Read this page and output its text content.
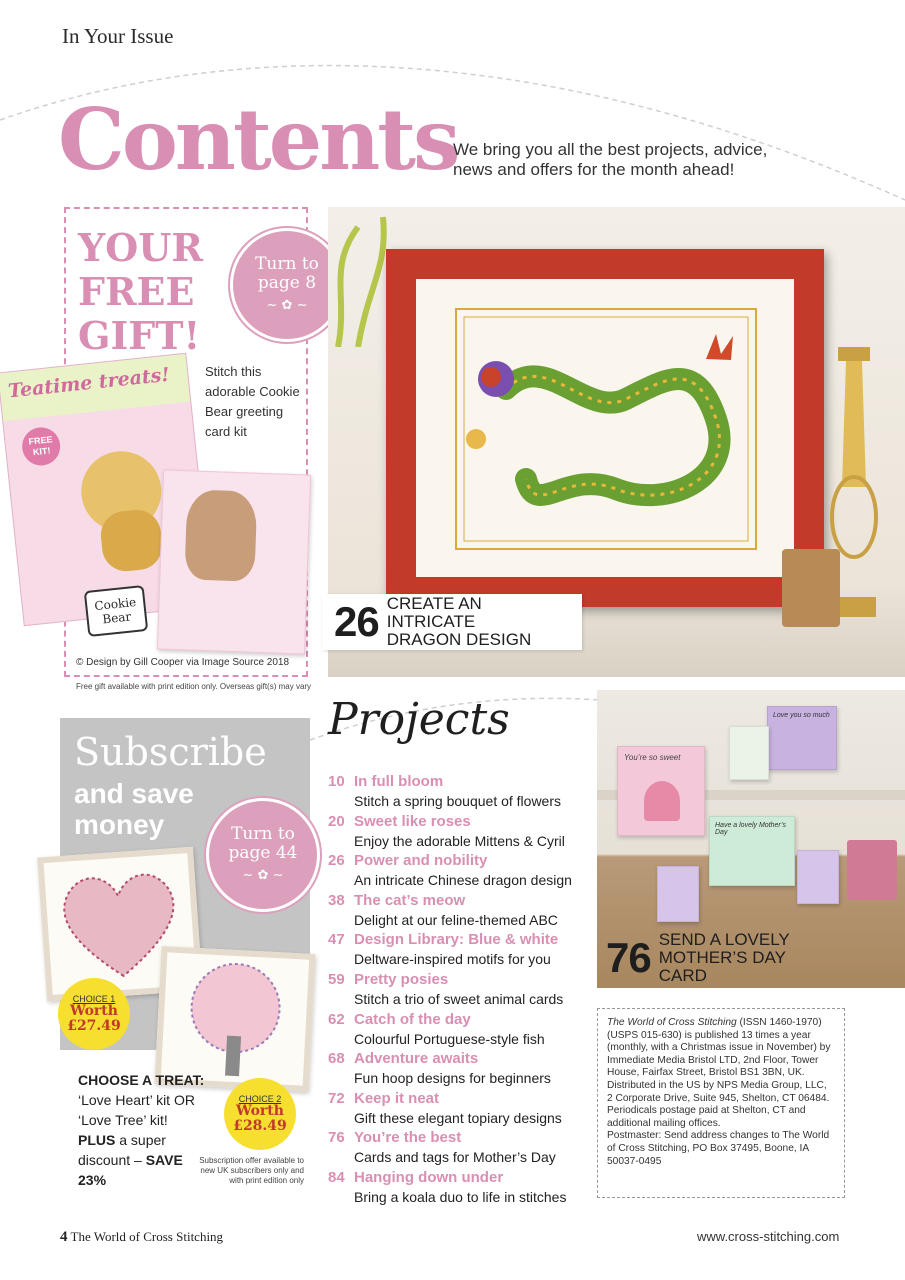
In Your Issue
Contents
We bring you all the best projects, advice, news and offers for the month ahead!
YOUR
FREE
GIFT!
Teatime treats!
FREE KIT!
Cookie
Bear
Turn to
page 8
~ ✿ ~
Stitch this adorable Cookie Bear greeting card kit
© Design by Gill Cooper via Image Source 2018
Free gift available with print edition only. Overseas gift(s) may vary
26 CREATE AN INTRICATE
DRAGON DESIGN
Subscribe
and save money
CHOICE 1
Worth
£27.49
CHOICE 2
Worth
£28.49
Turn to
page 44
~ ✿ ~
CHOOSE A TREAT: ‘Love Heart’ kit OR ‘Love Tree’ kit! PLUS a super discount – SAVE 23%
Subscription offer available to new UK subscribers only and with print edition only
Projects
10 In full bloom
Stitch a spring bouquet of flowers
20 Sweet like roses
Enjoy the adorable Mittens & Cyril
26 Power and nobility
An intricate Chinese dragon design
38 The cat’s meow
Delight at our feline-themed ABC
47 Design Library: Blue & white
Deltware-inspired motifs for you
59 Pretty posies
Stitch a trio of sweet animal cards
62 Catch of the day
Colourful Portuguese-style fish
68 Adventure awaits
Fun hoop designs for beginners
72 Keep it neat
Gift these elegant topiary designs
76 You’re the best
Cards and tags for Mother’s Day
84 Hanging down under
Bring a koala duo to life in stitches
You’re so sweet
Love you so much
Have a lovely Mother’s Day
76 SEND A LOVELY
MOTHER’S DAY CARD
The World of Cross Stitching (ISSN 1460-1970) (USPS 015-630) is published 13 times a year (monthly, with a Christmas issue in November) by Immediate Media Bristol LTD, 2nd Floor, Tower House, Fairfax Street, Bristol BS1 3BN, UK. Distributed in the US by NPS Media Group, LLC, 2 Corporate Drive, Suite 945, Shelton, CT 06484. Periodicals postage paid at Shelton, CT and additional mailing offices.
Postmaster: Send address changes to The World of Cross Stitching, PO Box 37495, Boone, IA 50037-0495
4 The World of Cross Stitching	www.cross-stitching.com
